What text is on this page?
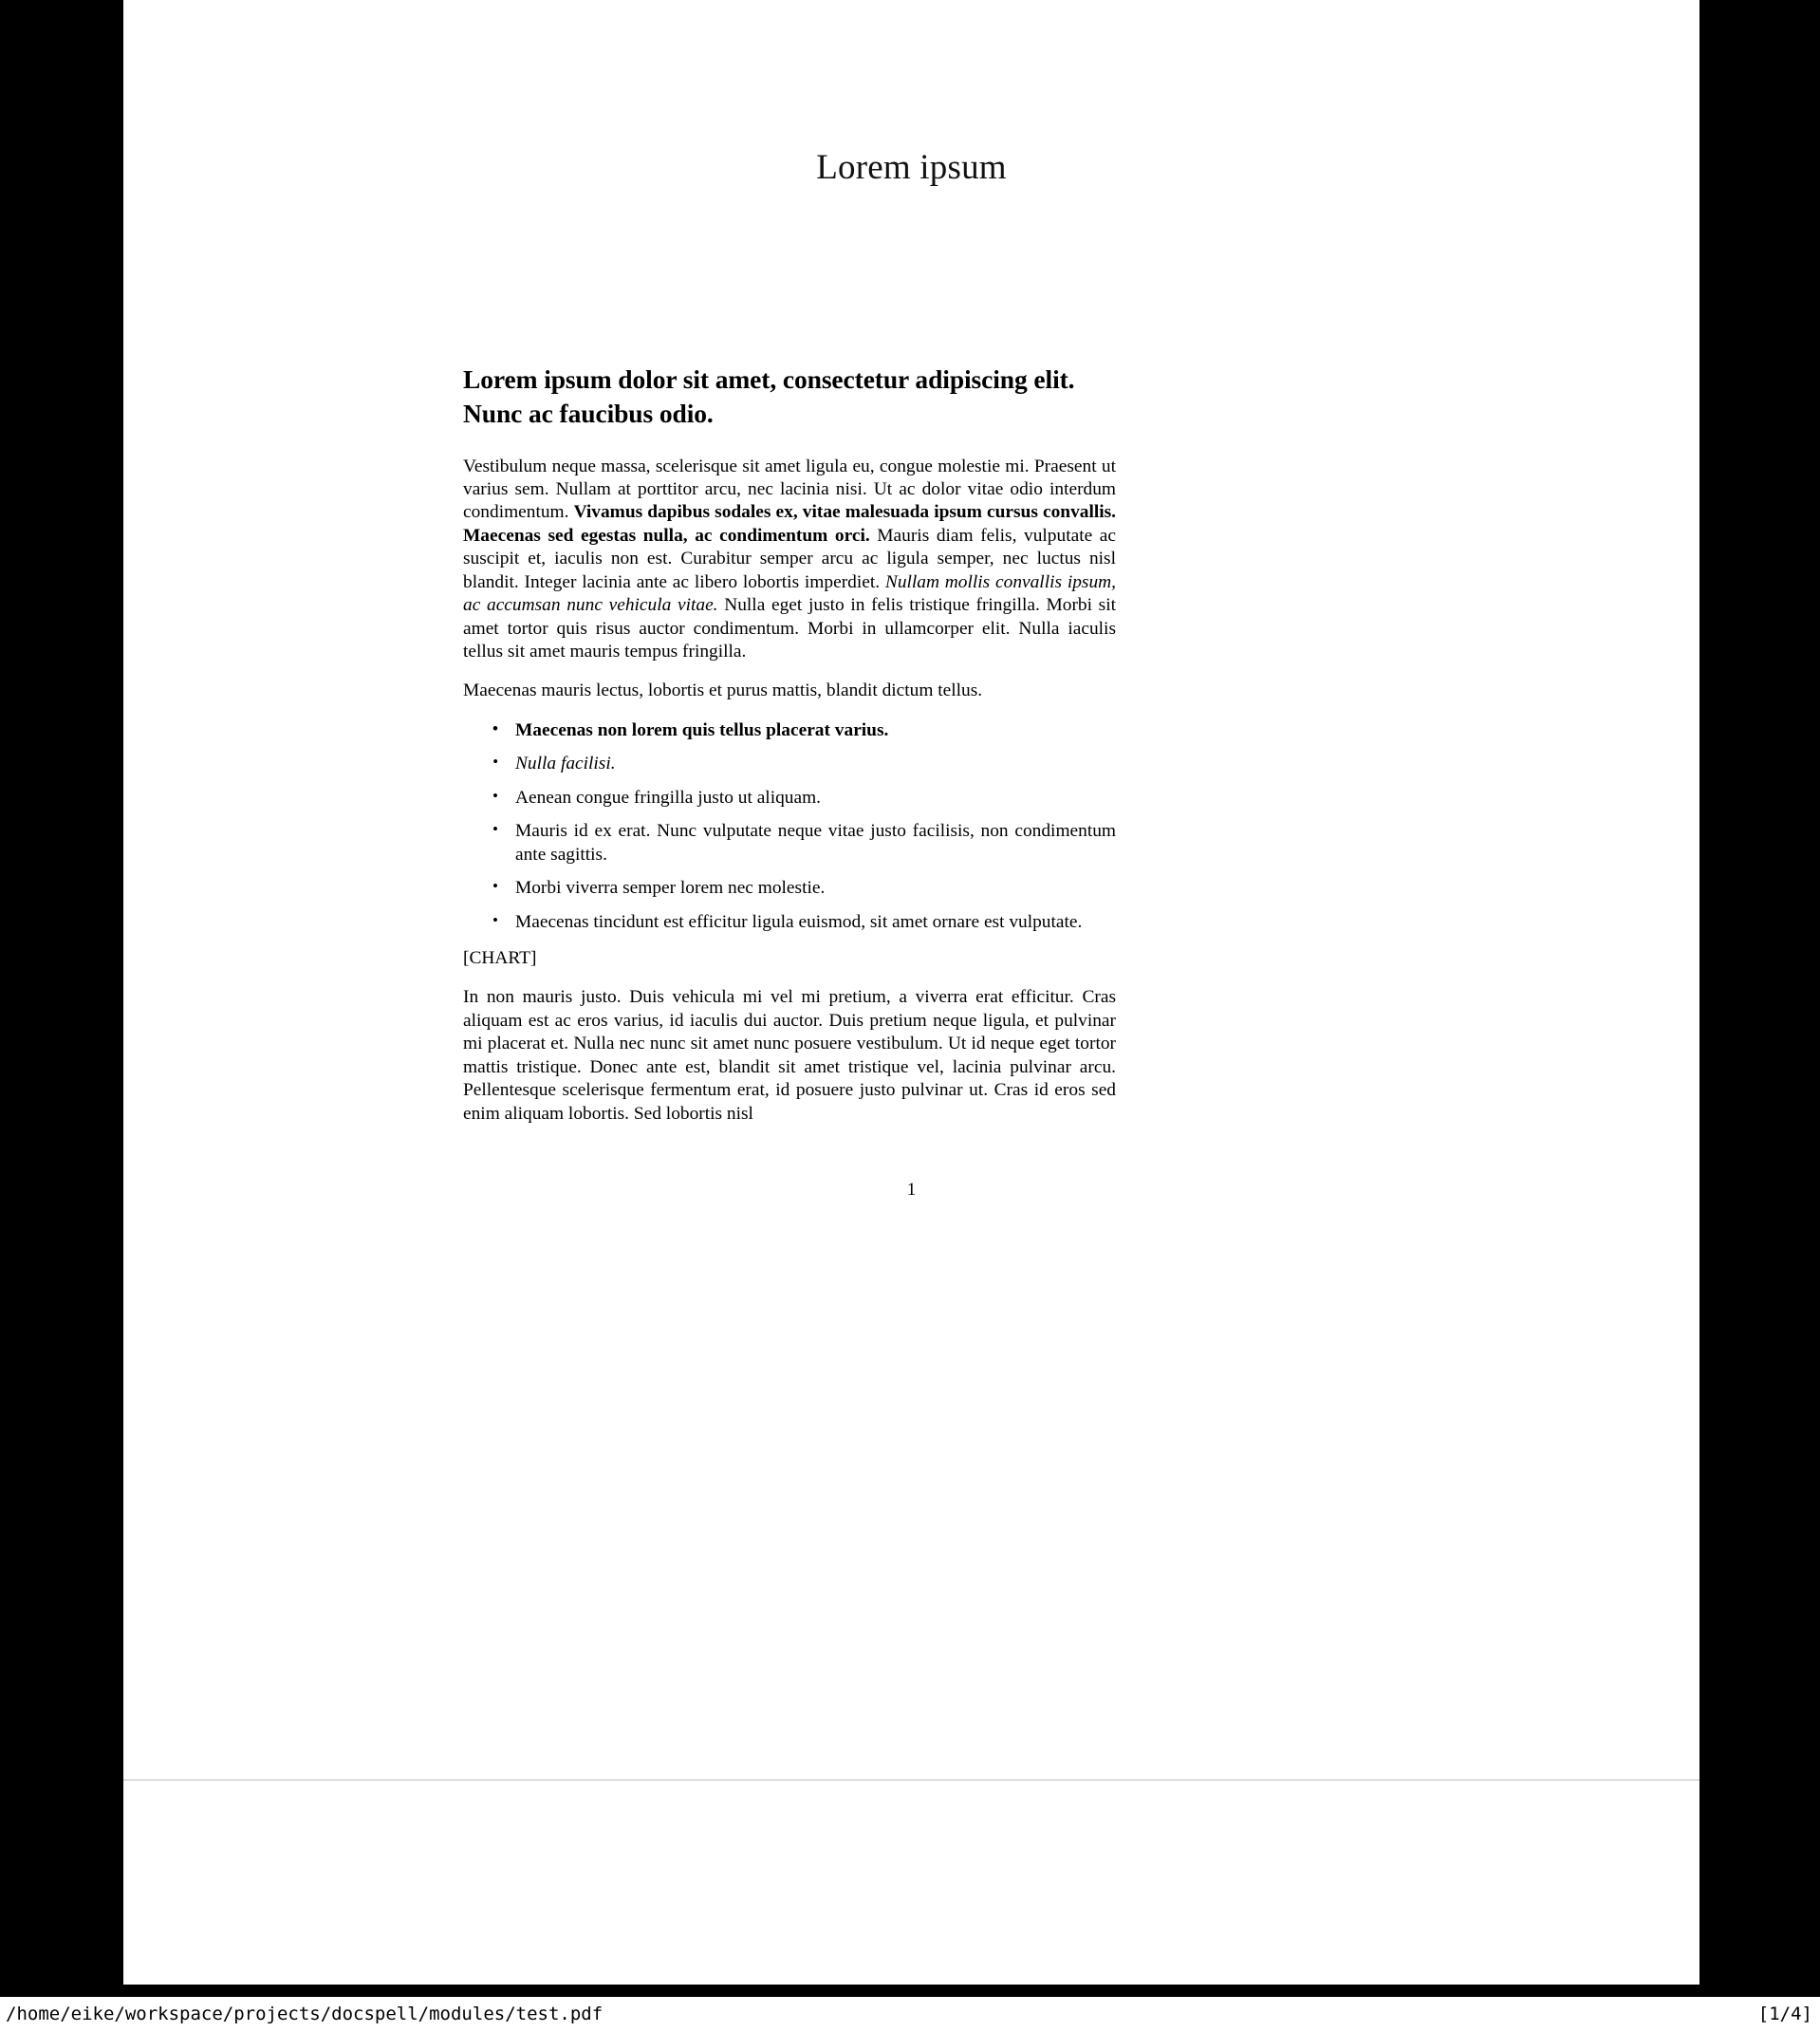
Lorem ipsum
Lorem ipsum dolor sit amet, consectetur adipiscing elit. Nunc ac faucibus odio.

Vestibulum neque massa, scelerisque sit amet ligula eu, congue molestie mi. Praesent ut varius sem. Nullam at porttitor arcu, nec lacinia nisi. Ut ac dolor vitae odio interdum condimentum. Vivamus dapibus sodales ex, vitae malesuada ipsum cursus convallis. Maecenas sed egestas nulla, ac condimentum orci. Mauris diam felis, vulputate ac suscipit et, iaculis non est. Curabitur semper arcu ac ligula semper, nec luctus nisl blandit. Integer lacinia ante ac libero lobortis imperdiet. Nullam mollis convallis ipsum, ac accumsan nunc vehicula vitae. Nulla eget justo in felis tristique fringilla. Morbi sit amet tortor quis risus auctor condimentum. Morbi in ullamcorper elit. Nulla iaculis tellus sit amet mauris tempus fringilla.

Maecenas mauris lectus, lobortis et purus mattis, blandit dictum tellus.

• Maecenas non lorem quis tellus placerat varius.
• Nulla facilisi.
• Aenean congue fringilla justo ut aliquam.
• Mauris id ex erat. Nunc vulputate neque vitae justo facilisis, non condimentum ante sagittis.
• Morbi viverra semper lorem nec molestie.
• Maecenas tincidunt est efficitur ligula euismod, sit amet ornare est vulputate.
[CHART]

In non mauris justo. Duis vehicula mi vel mi pretium, a viverra erat efficitur. Cras aliquam est ac eros varius, id iaculis dui auctor. Duis pretium neque ligula, et pulvinar mi placerat et. Nulla nec nunc sit amet nunc posuere vestibulum. Ut id neque eget tortor mattis tristique. Donec ante est, blandit sit amet tristique vel, lacinia pulvinar arcu. Pellentesque scelerisque fermentum erat, id posuere justo pulvinar ut. Cras id eros sed enim aliquam lobortis. Sed lobortis nisl

1
/home/eike/workspace/projects/docspell/modules/test.pdf	[1/4]
